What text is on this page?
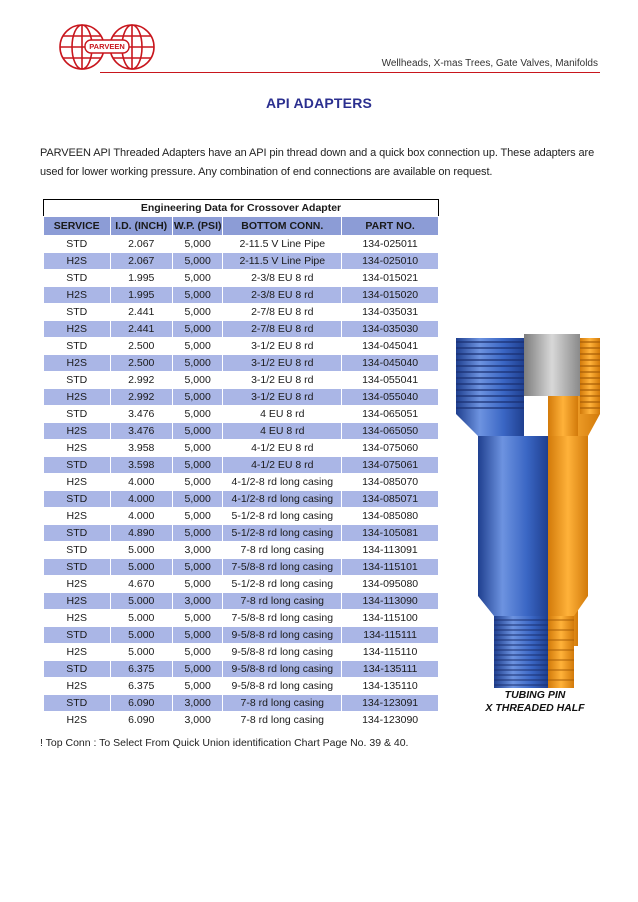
PARVEEN
Wellheads, X-mas Trees, Gate Valves, Manifolds
API ADAPTERS
PARVEEN API Threaded Adapters have an API pin thread down and a quick box connection up. These adapters are used for lower working pressure. Any combination of end connections are available on request.
Engineering Data for Crossover Adapter				
SERVICE	I.D. (INCH)	W.P. (PSI)	BOTTOM CONN.	PART NO.
STD	2.067	5,000	2-11.5 V Line Pipe	134-025011
H2S	2.067	5,000	2-11.5 V Line Pipe	134-025010
STD	1.995	5,000	2-3/8 EU 8 rd	134-015021
H2S	1.995	5,000	2-3/8 EU 8 rd	134-015020
STD	2.441	5,000	2-7/8 EU 8 rd	134-035031
H2S	2.441	5,000	2-7/8 EU 8 rd	134-035030
STD	2.500	5,000	3-1/2 EU 8 rd	134-045041
H2S	2.500	5,000	3-1/2 EU 8 rd	134-045040
STD	2.992	5,000	3-1/2 EU 8 rd	134-055041
H2S	2.992	5,000	3-1/2 EU 8 rd	134-055040
STD	3.476	5,000	4 EU 8 rd	134-065051
H2S	3.476	5,000	4 EU 8 rd	134-065050
H2S	3.958	5,000	4-1/2 EU 8 rd	134-075060
STD	3.598	5,000	4-1/2 EU 8 rd	134-075061
H2S	4.000	5,000	4-1/2-8 rd long casing	134-085070
STD	4.000	5,000	4-1/2-8 rd long casing	134-085071
H2S	4.000	5,000	5-1/2-8 rd long casing	134-085080
STD	4.890	5,000	5-1/2-8 rd long casing	134-105081
STD	5.000	3,000	7-8 rd long casing	134-113091
STD	5.000	5,000	7-5/8-8 rd long casing	134-115101
H2S	4.670	5,000	5-1/2-8 rd long casing	134-095080
H2S	5.000	3,000	7-8 rd long casing	134-113090
H2S	5.000	5,000	7-5/8-8 rd long casing	134-115100
STD	5.000	5,000	9-5/8-8 rd long casing	134-115111
H2S	5.000	5,000	9-5/8-8 rd long casing	134-115110
STD	6.375	5,000	9-5/8-8 rd long casing	134-135111
H2S	6.375	5,000	9-5/8-8 rd long casing	134-135110
STD	6.090	3,000	7-8 rd long casing	134-123091
H2S	6.090	3,000	7-8 rd long casing	134-123090
TUBING PIN
X THREADED HALF
! Top Conn : To Select From Quick Union identification Chart Page No. 39 & 40.
